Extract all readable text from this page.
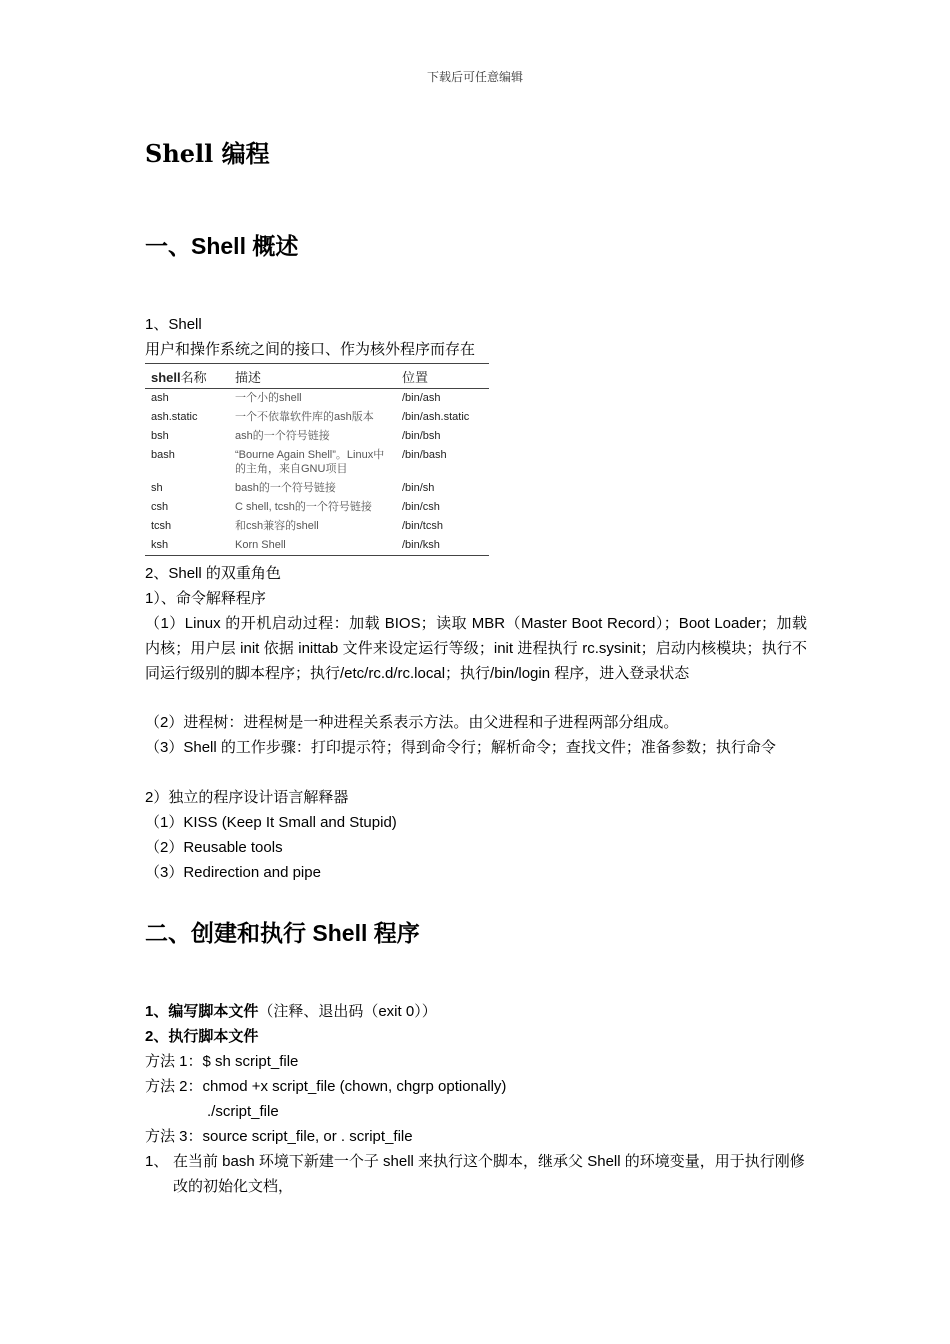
下载后可任意编辑
Shell 编程
一、Shell 概述
1、Shell
用户和操作系统之间的接口、作为核外程序而存在
shell名称	描述	位置
ash	一个小的shell	/bin/ash
ash.static	一个不依靠软件库的ash版本	/bin/ash.static
bsh	ash的一个符号链接	/bin/bsh
bash	“Bourne Again Shell”。Linux中的主角，来自GNU项目	/bin/bash
sh	bash的一个符号链接	/bin/sh
csh	C shell, tcsh的一个符号链接	/bin/csh
tcsh	和csh兼容的shell	/bin/tcsh
ksh	Korn Shell	/bin/ksh
2、Shell 的双重角色
1）、命令解释程序
（1）Linux 的开机启动过程：加载 BIOS；读取 MBR（Master Boot Record）；Boot Loader；加载内核；用户层 init 依据 inittab 文件来设定运行等级；init 进程执行 rc.sysinit；启动内核模块；执行不同运行级别的脚本程序；执行/etc/rc.d/rc.local；执行/bin/login 程序，进入登录状态
（2）进程树：进程树是一种进程关系表示方法。由父进程和子进程两部分组成。
（3）Shell 的工作步骤：打印提示符；得到命令行；解析命令；查找文件；准备参数；执行命令
2）独立的程序设计语言解释器
（1）KISS (Keep It Small and Stupid)
（2）Reusable tools
（3）Redirection and pipe
二、创建和执行 Shell 程序
1、编写脚本文件（注释、退出码（exit 0））
2、执行脚本文件
方法 1：$ sh script_file
方法 2：chmod +x script_file (chown, chgrp optionally)
./script_file
方法 3：source script_file, or . script_file
1、 在当前 bash 环境下新建一个子 shell 来执行这个脚本，继承父 Shell 的环境变量，用于执行刚修改的初始化文档，
